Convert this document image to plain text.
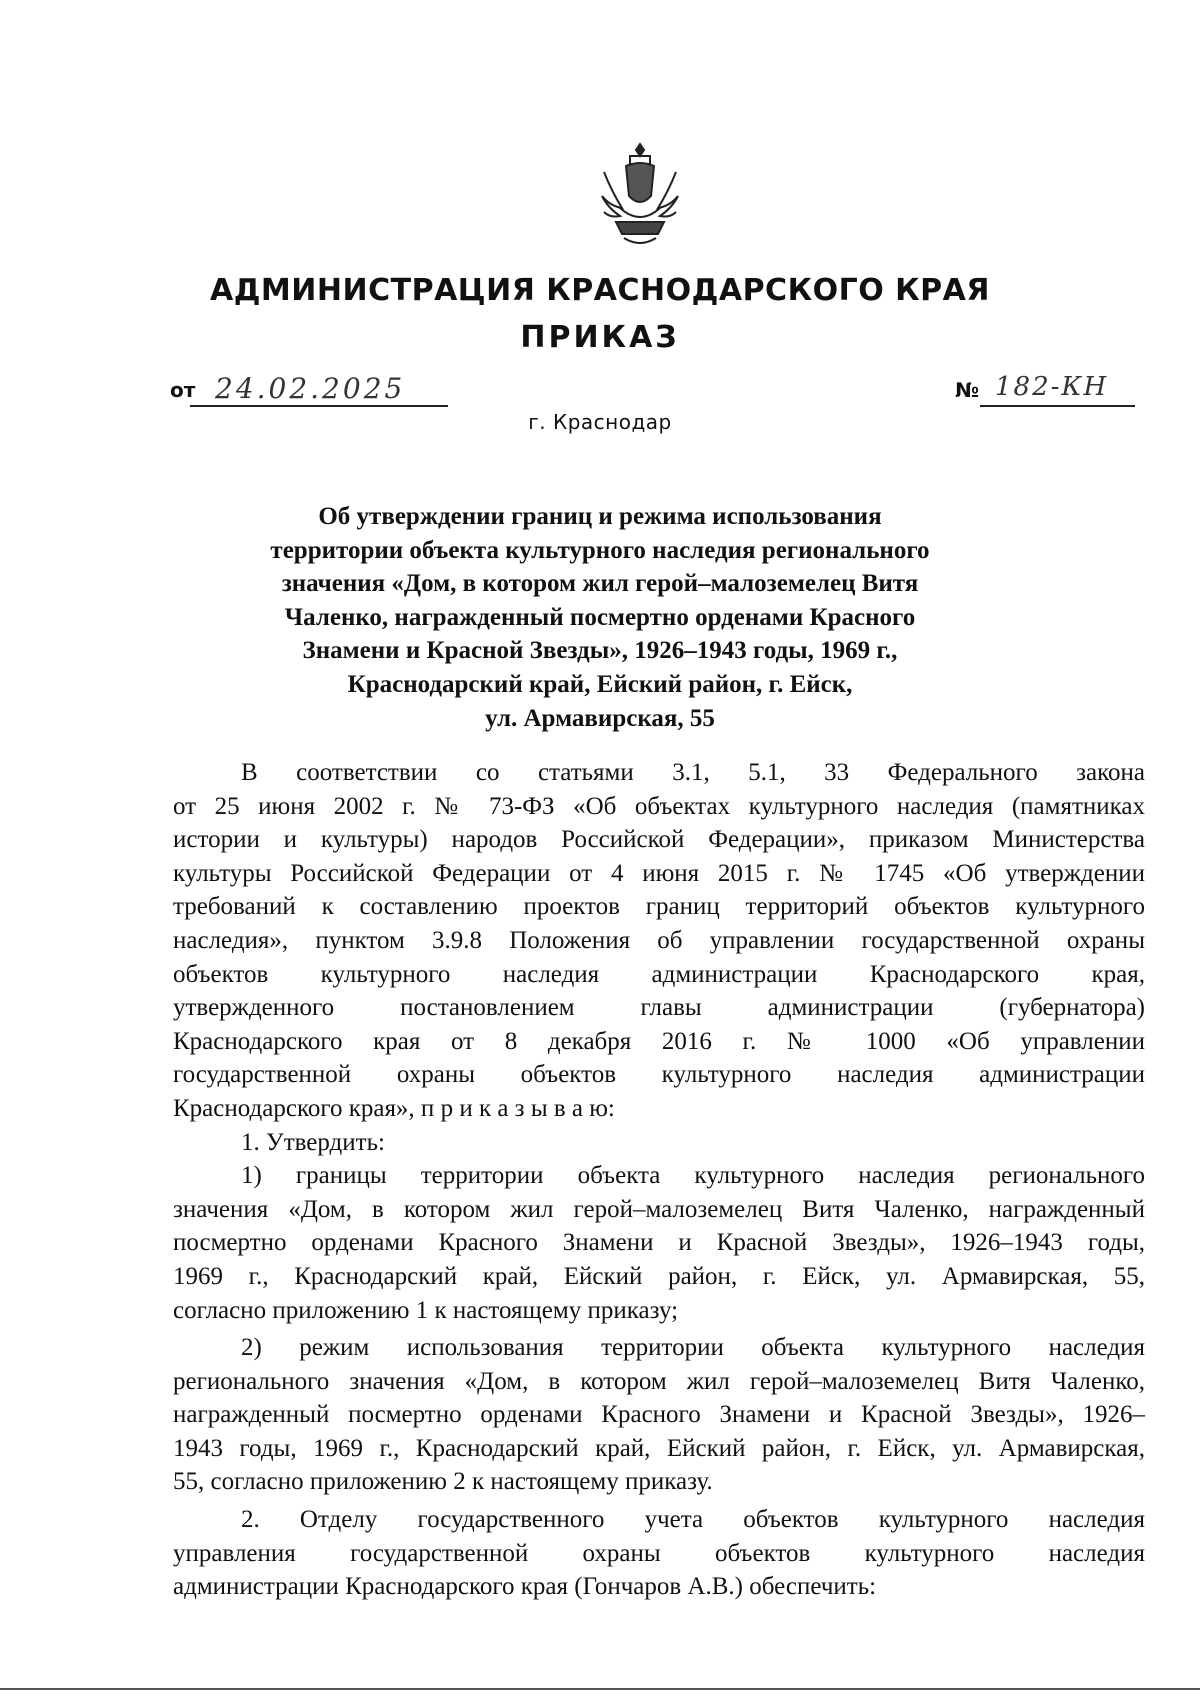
АДМИНИСТРАЦИЯ КРАСНОДАРСКОГО КРАЯ
ПРИКАЗ
от 24.02.2025	№ 182-КН
г. Краснодар
Об утверждении границ и режима использования
территории объекта культурного наследия регионального
значения «Дом, в котором жил герой–малоземелец Витя
Чаленко, награжденный посмертно орденами Красного
Знамени и Красной Звезды», 1926–1943 годы, 1969 г.,
Краснодарский край, Ейский район, г. Ейск,
ул. Армавирская, 55
В соответствии со статьями 3.1, 5.1, 33 Федерального закона
от 25 июня 2002 г. № 73-ФЗ «Об объектах культурного наследия (памятниках
истории и культуры) народов Российской Федерации», приказом Министерства
культуры Российской Федерации от 4 июня 2015 г. № 1745 «Об утверждении
требований к составлению проектов границ территорий объектов культурного
наследия», пунктом 3.9.8 Положения об управлении государственной охраны
объектов культурного наследия администрации Краснодарского края,
утвержденного постановлением главы администрации (губернатора)
Краснодарского края от 8 декабря 2016 г. № 1000 «Об управлении
государственной охраны объектов культурного наследия администрации
Краснодарского края», п р и к а з ы в а ю:
1. Утвердить:
1) границы территории объекта культурного наследия регионального
значения «Дом, в котором жил герой–малоземелец Витя Чаленко, награжденный
посмертно орденами Красного Знамени и Красной Звезды», 1926–1943 годы,
1969 г., Краснодарский край, Ейский район, г. Ейск, ул. Армавирская, 55,
согласно приложению 1 к настоящему приказу;
2) режим использования территории объекта культурного наследия
регионального значения «Дом, в котором жил герой–малоземелец Витя Чаленко,
награжденный посмертно орденами Красного Знамени и Красной Звезды», 1926–
1943 годы, 1969 г., Краснодарский край, Ейский район, г. Ейск, ул. Армавирская,
55, согласно приложению 2 к настоящему приказу.
2. Отделу государственного учета объектов культурного наследия
управления государственной охраны объектов культурного наследия
администрации Краснодарского края (Гончаров А.В.) обеспечить:
